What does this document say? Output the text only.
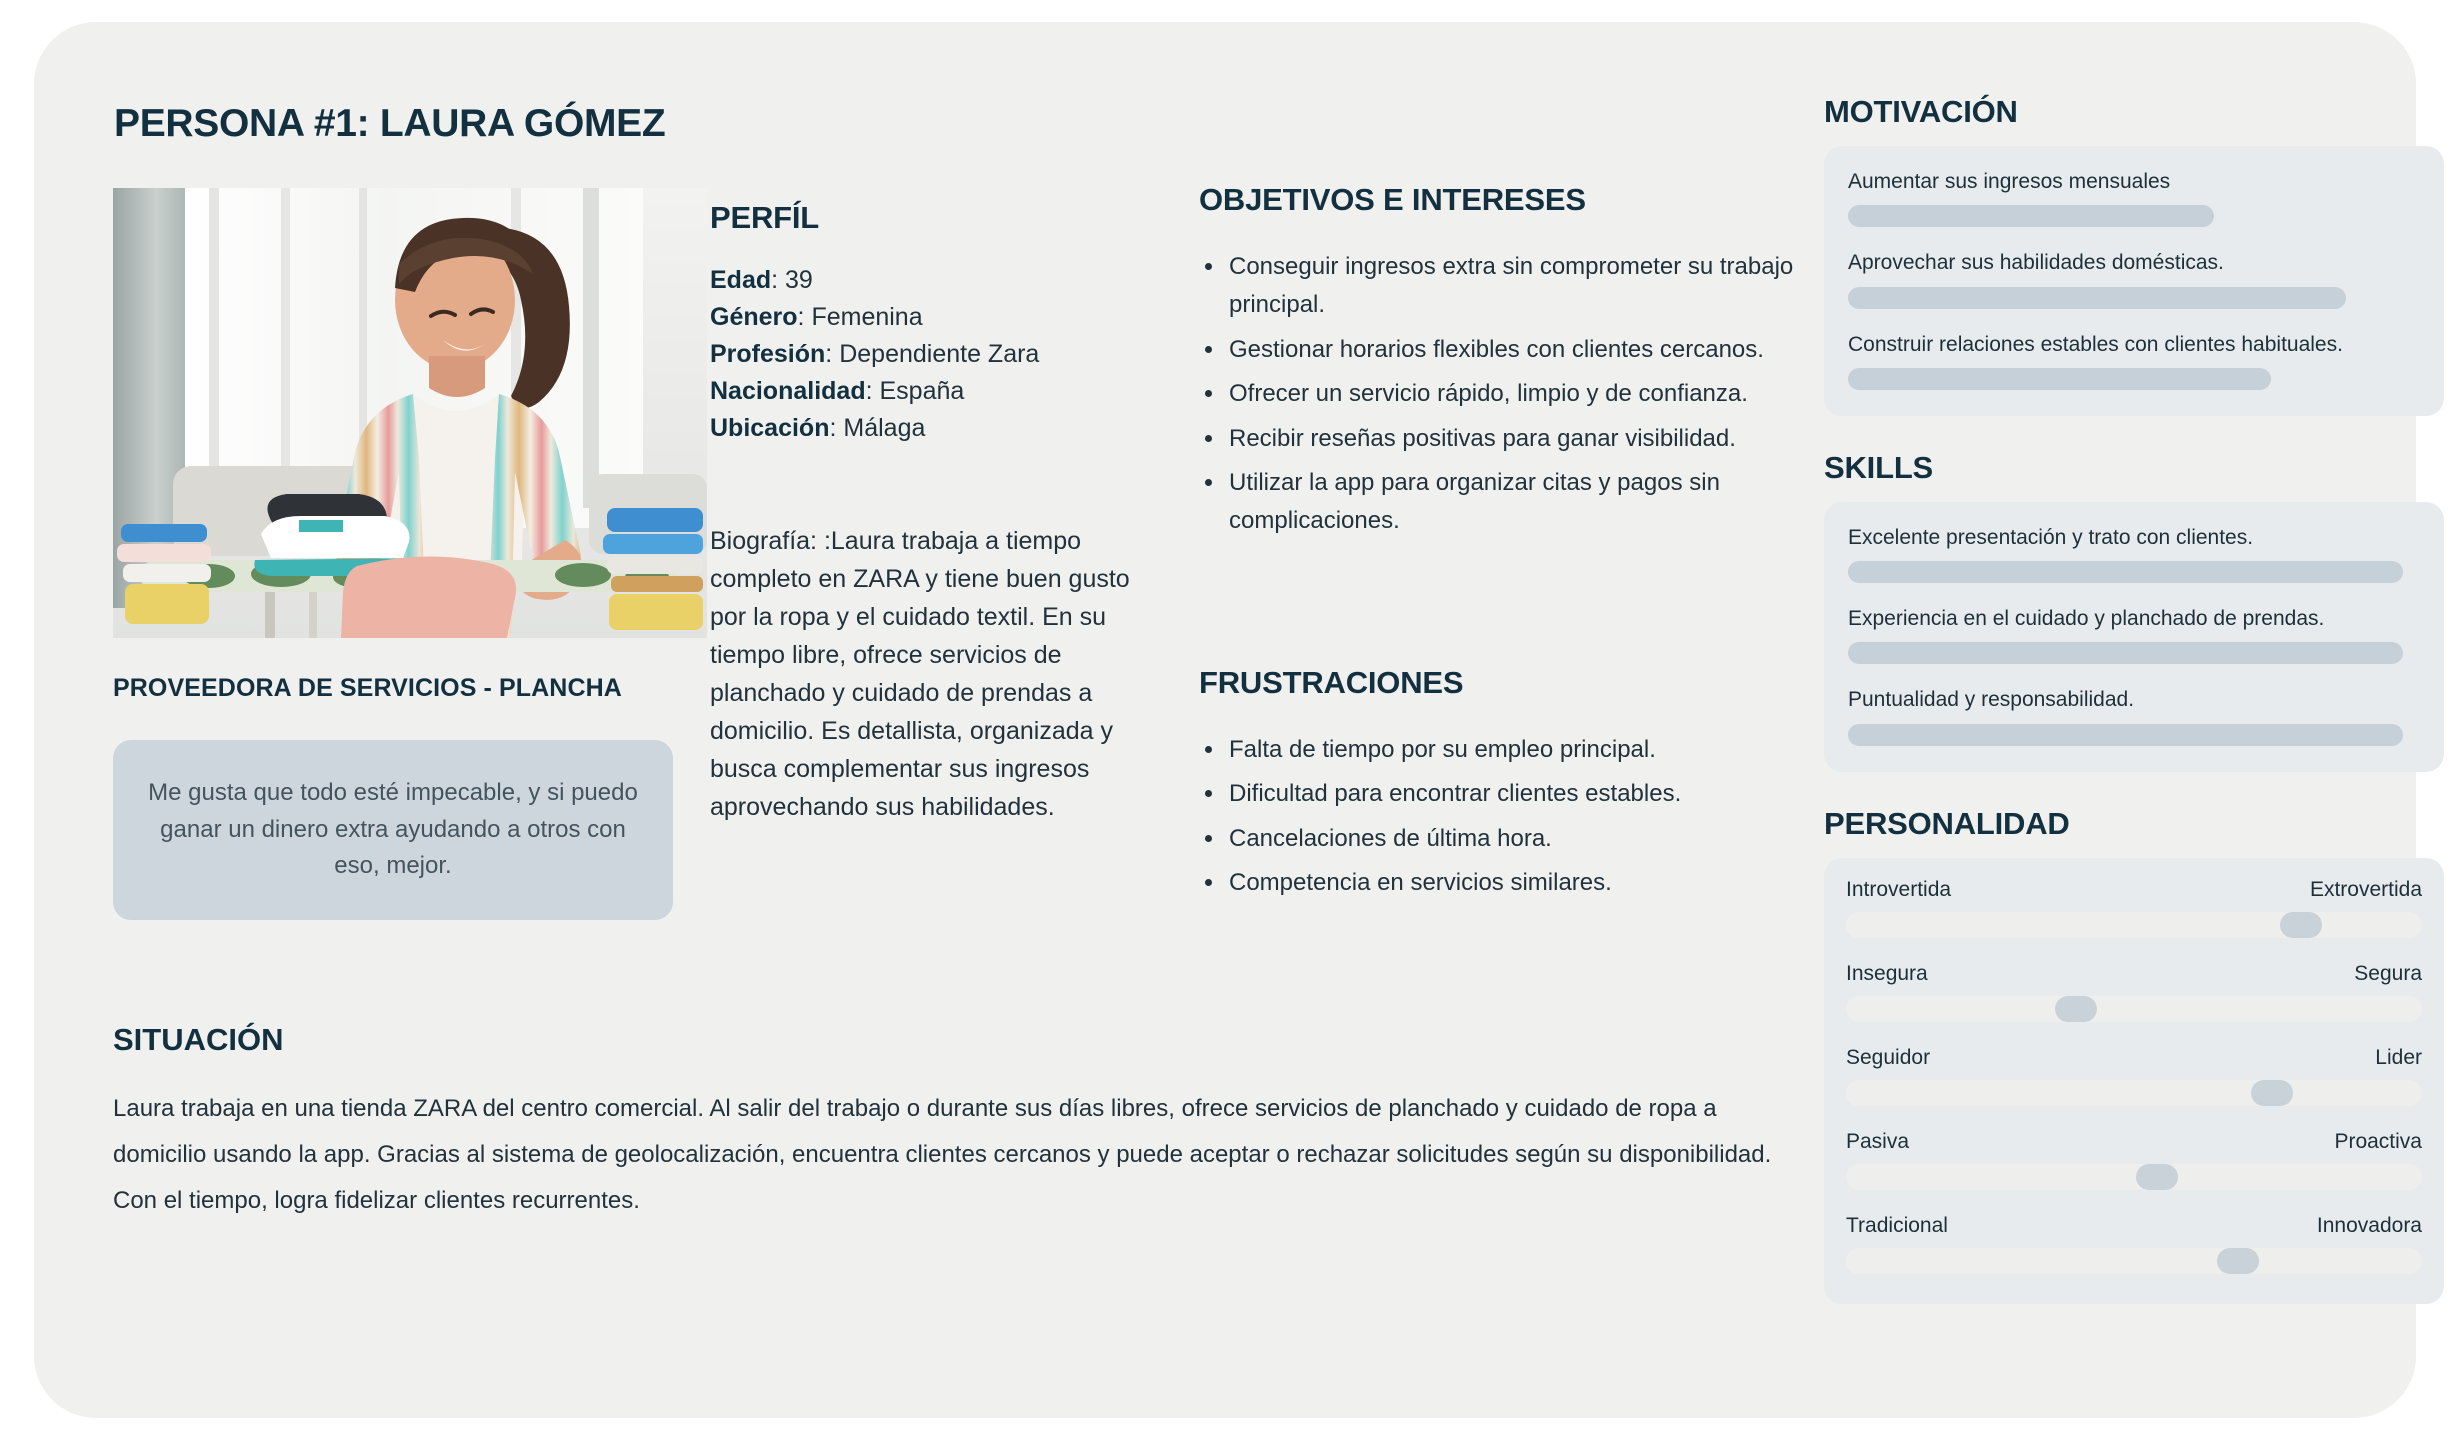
PERSONA #1: LAURA GÓMEZ
PROVEEDORA DE SERVICIOS - PLANCHA
Me gusta que todo esté impecable, y si puedo ganar un dinero extra ayudando a otros con eso, mejor.
PERFÍL
Edad: 39
Género: Femenina
Profesión: Dependiente Zara
Nacionalidad: España
Ubicación: Málaga
Biografía: :Laura trabaja a tiempo completo en ZARA y tiene buen gusto por la ropa y el cuidado textil. En su tiempo libre, ofrece servicios de planchado y cuidado de prendas a domicilio. Es detallista, organizada y busca complementar sus ingresos aprovechando sus habilidades.
OBJETIVOS E INTERESES
Conseguir ingresos extra sin comprometer su trabajo principal.
Gestionar horarios flexibles con clientes cercanos.
Ofrecer un servicio rápido, limpio y de confianza.
Recibir reseñas positivas para ganar visibilidad.
Utilizar la app para organizar citas y pagos sin complicaciones.
FRUSTRACIONES
Falta de tiempo por su empleo principal.
Dificultad para encontrar clientes estables.
Cancelaciones de última hora.
Competencia en servicios similares.
MOTIVACIÓN
Aumentar sus ingresos mensuales
Aprovechar sus habilidades domésticas.
Construir relaciones estables con clientes habituales.
SKILLS
Excelente presentación y trato con clientes.
Experiencia en el cuidado y planchado de prendas.
Puntualidad y responsabilidad.
PERSONALIDAD
Introvertida	Extrovertida
Insegura	Segura
Seguidor	Lider
Pasiva	Proactiva
Tradicional	Innovadora
SITUACIÓN
Laura trabaja en una tienda ZARA del centro comercial. Al salir del trabajo o durante sus días libres, ofrece servicios de planchado y cuidado de ropa a domicilio usando la app. Gracias al sistema de geolocalización, encuentra clientes cercanos y puede aceptar o rechazar solicitudes según su disponibilidad. Con el tiempo, logra fidelizar clientes recurrentes.
